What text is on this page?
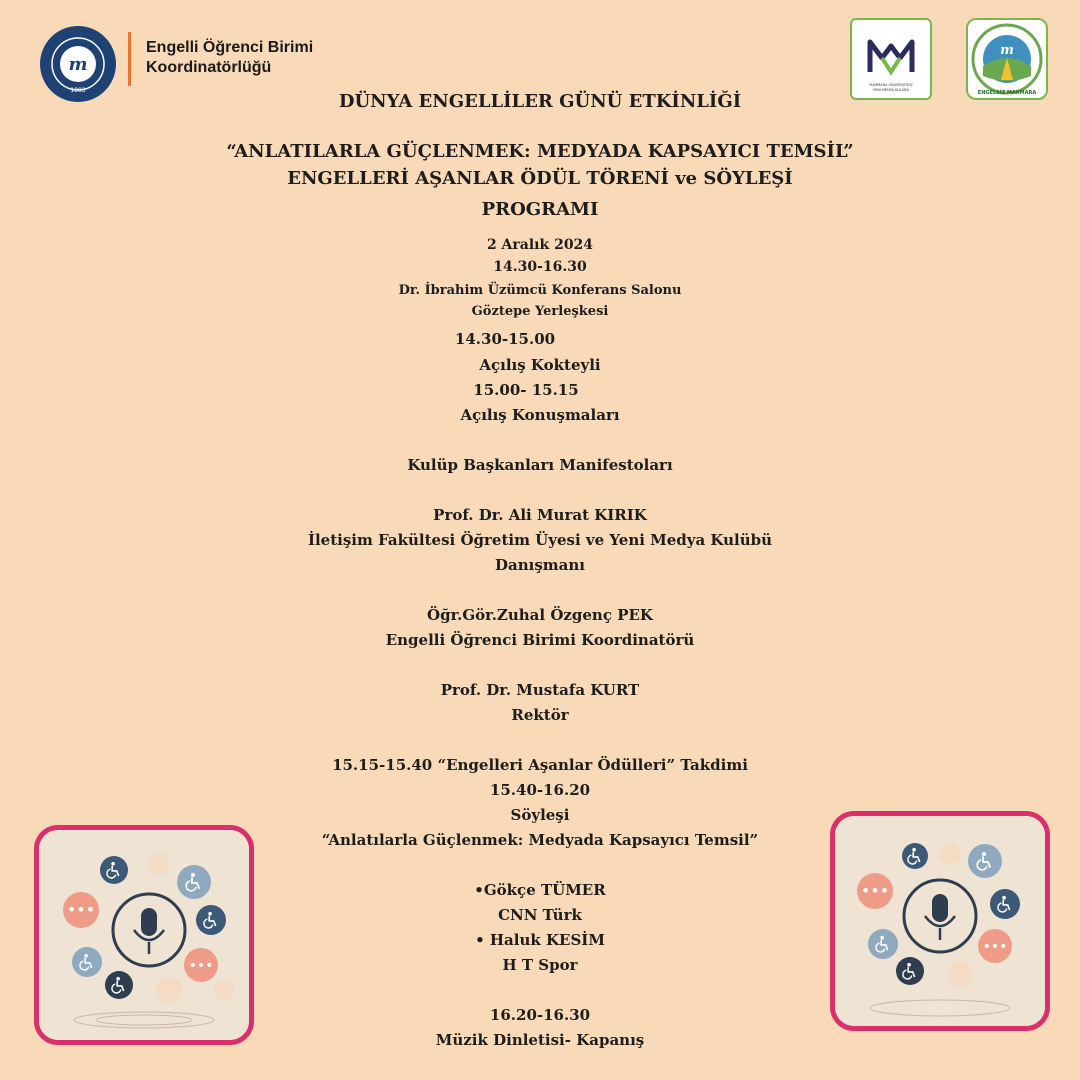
m
1883
Engelli Öğrenci Birimi
Koordinatörlüğü
MARMARA ÜNİVERSİTESİ
YENİ MEDYA KULÜBÜ
m
ENGELSİZ MARMARA
DÜNYA ENGELLİLER GÜNÜ ETKİNLİĞİ
“ANLATILARLA GÜÇLENMEK: MEDYADA KAPSAYICI TEMSİL”
ENGELLERİ AŞANLAR ÖDÜL TÖRENİ ve SÖYLEŞİ
PROGRAMI
2 Aralık 2024
14.30-16.30
Dr. İbrahim Üzümcü Konferans Salonu
Göztepe Yerleşkesi
14.30-15.00
Açılış Kokteyli
15.00- 15.15
Açılış Konuşmaları
Kulüp Başkanları Manifestoları
Prof. Dr. Ali Murat KIRIK
İletişim Fakültesi Öğretim Üyesi ve Yeni Medya Kulübü
Danışmanı
Öğr.Gör.Zuhal Özgenç PEK
Engelli Öğrenci Birimi Koordinatörü
Prof. Dr. Mustafa KURT
Rektör
15.15-15.40 “Engelleri Aşanlar Ödülleri” Takdimi
15.40-16.20
Söyleşi
“Anlatılarla Güçlenmek: Medyada Kapsayıcı Temsil”
•Gökçe TÜMER
CNN Türk
• Haluk KESİM
H T Spor
16.20-16.30
Müzik Dinletisi- Kapanış
•••
•••
•••
•••
